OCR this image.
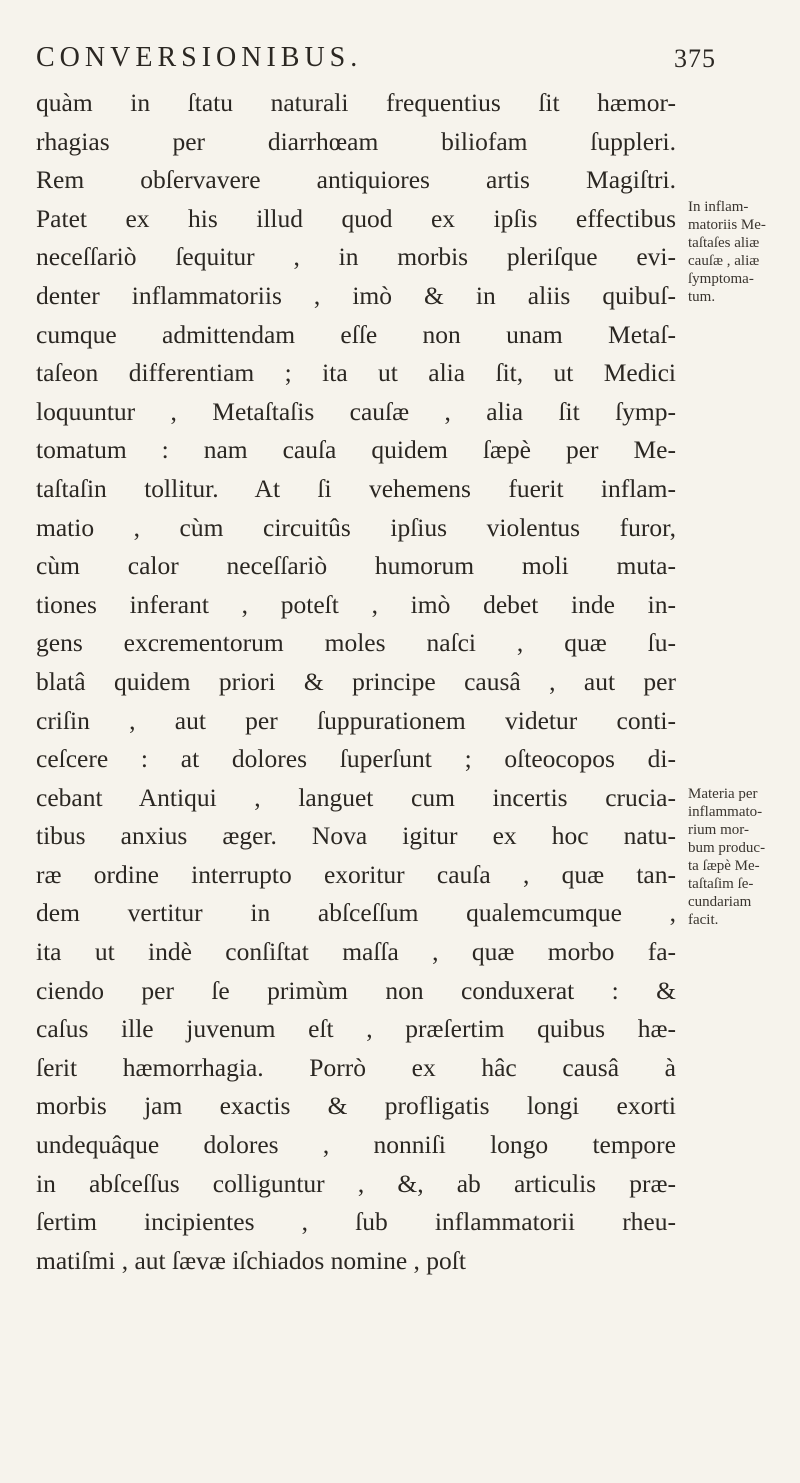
CONVERSIONIBUS.	375
quàm in ſtatu naturali frequentius ſit hæmor-
rhagias per diarrhœam biliofam ſuppleri.
Rem obſervavere antiquiores artis Magiſtri.
Patet ex his illud quod ex ipſis effectibus
neceſſariò ſequitur , in morbis pleriſque evi-
denter inflammatoriis , imò & in aliis quibuſ-
cumque admittendam eſſe non unam Metaſ-
taſeon differentiam ; ita ut alia ſit, ut Medici
loquuntur , Metaſtaſis cauſæ , alia ſit ſymp-
tomatum : nam cauſa quidem ſæpè per Me-
taſtaſin tollitur. At ſi vehemens fuerit inflam-
matio , cùm circuitûs ipſius violentus furor,
cùm calor neceſſariò humorum moli muta-
tiones inferant , poteſt , imò debet inde in-
gens excrementorum moles naſci , quæ ſu-
blatâ quidem priori & principe causâ , aut per
criſin , aut per ſuppurationem videtur conti-
ceſcere : at dolores ſuperſunt ; oſteocopos di-
cebant Antiqui , languet cum incertis crucia-
tibus anxius æger. Nova igitur ex hoc natu-
ræ ordine interrupto exoritur cauſa , quæ tan-
dem vertitur in abſceſſum qualemcumque ,
ita ut indè conſiſtat maſſa , quæ morbo fa-
ciendo per ſe primùm non conduxerat : &
caſus ille juvenum eſt , præſertim quibus hæ-
ſerit hæmorrhagia. Porrò ex hâc causâ à
morbis jam exactis & profligatis longi exorti
undequâque dolores , nonniſi longo tempore
in abſceſſus colliguntur , &, ab articulis præ-
ſertim incipientes , ſub inflammatorii rheu-
matiſmi , aut ſævæ iſchiados nomine , poſt
In inflam-
matoriis Me-
taſtaſes aliæ
cauſæ , aliæ
ſymptoma-
tum.
Materia per
inflammato-
rium mor-
bum produc-
ta ſæpè Me-
taſtaſim ſe-
cundariam
facit.
